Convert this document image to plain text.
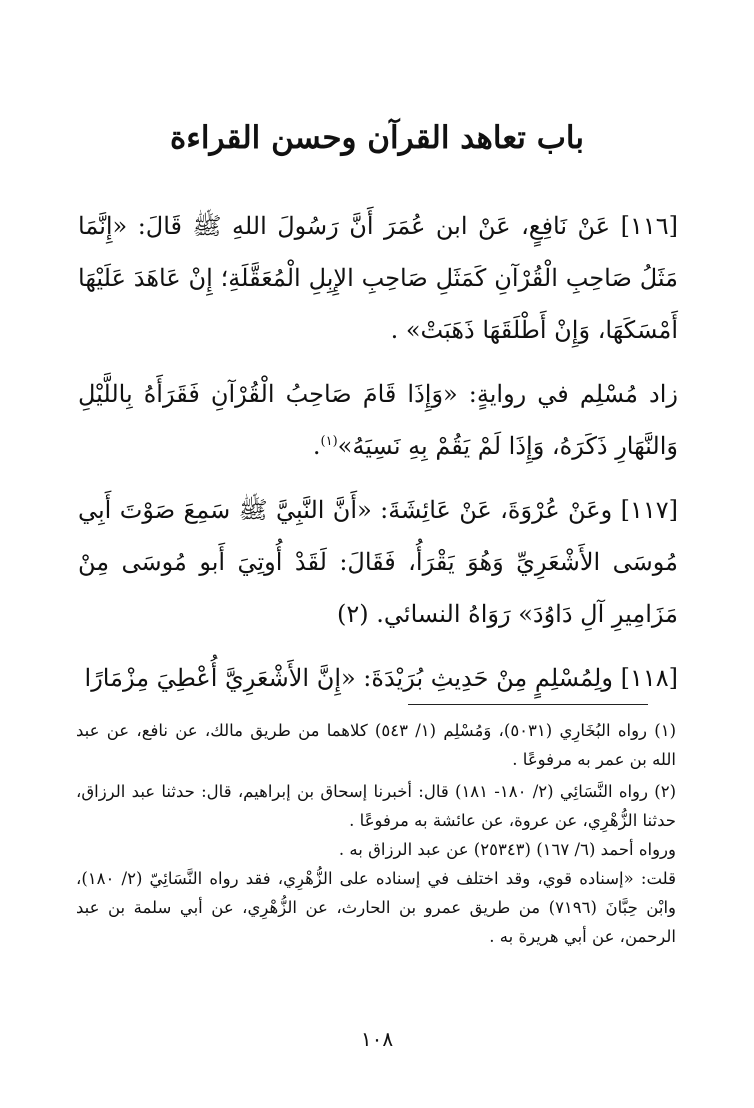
باب تعاهد القرآن وحسن القراءة

[١١٦] عَنْ نَافِعٍ، عَنْ ابن عُمَرَ أَنَّ رَسُولَ اللهِ ﷺ قَالَ: «إِنَّمَا مَثَلُ صَاحِبِ الْقُرْآنِ كَمَثَلِ صَاحِبِ الإِبِلِ الْمُعَقَّلَةِ؛ إِنْ عَاهَدَ عَلَيْهَا أَمْسَكَهَا، وَإِنْ أَطْلَقَهَا ذَهَبَتْ» .

زاد مُسْلِم في روايةٍ: «وَإِذَا قَامَ صَاحِبُ الْقُرْآنِ فَقَرَأَهُ بِاللَّيْلِ وَالنَّهَارِ ذَكَرَهُ، وَإِذَا لَمْ يَقُمْ بِهِ نَسِيَهُ»$^{(١)}$.

[١١٧] وعَنْ عُرْوَةَ، عَنْ عَائِشَةَ: «أَنَّ النَّبِيَّ ﷺ سَمِعَ صَوْتَ أَبِي مُوسَى الأَشْعَرِيِّ وَهُوَ يَقْرَأُ، فَقَالَ: لَقَدْ أُوتِيَ أَبو مُوسَى مِنْ مَزَامِيرِ آلِ دَاوُدَ» رَوَاهُ النسائي. (٢)

[١١٨] ولِمُسْلِمٍ مِنْ حَدِيثِ بُرَيْدَةَ: «إِنَّ الأَشْعَرِيَّ أُعْطِيَ مِزْمَارًا

(١) رواه البُخَارِي (٥٠٣١)، وَمُسْلِم (١/ ٥٤٣) كلاهما من طريق مالك، عن نافع، عن عبد الله بن عمر به مرفوعًا .

(٢) رواه النَّسَائِي (٢/ ١٨٠- ١٨١) قال: أخبرنا إسحاق بن إبراهيم، قال: حدثنا عبد الرزاق، حدثنا الزُّهْرِي، عن عروة، عن عائشة به مرفوعًا .

ورواه أحمد (٦/ ١٦٧) (٢٥٣٤٣) عن عبد الرزاق به .

قلت: «إسناده قوي، وقد اختلف في إسناده على الزُّهْرِي، فقد رواه النَّسَائِيّ (٢/ ١٨٠)، وابْن حِبَّانَ (٧١٩٦) من طريق عمرو بن الحارث، عن الزُّهْرِي، عن أبي سلمة بن عبد الرحمن، عن أبي هريرة به .

١٠٨
